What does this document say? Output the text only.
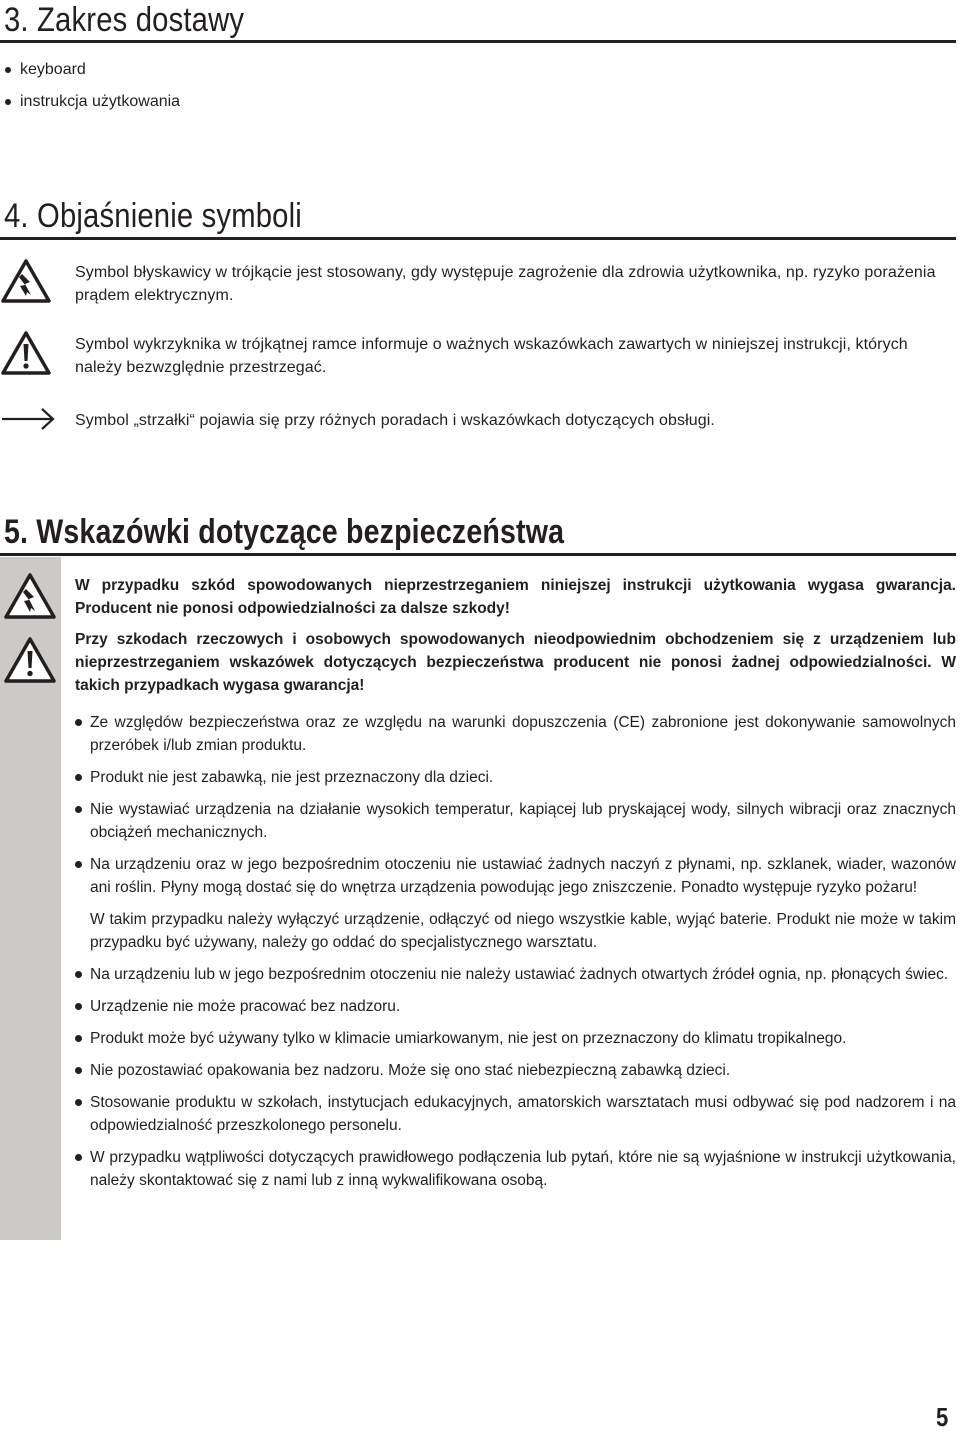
3. Zakres dostawy
keyboard
instrukcja użytkowania
4. Objaśnienie symboli

Symbol błyskawicy w trójkącie jest stosowany, gdy występuje zagrożenie dla zdrowia użytkownika, np. ryzyko porażenia prądem elektrycznym.

Symbol wykrzyknika w trójkątnej ramce informuje o ważnych wskazówkach zawartych w niniejszej instrukcji, których należy bezwzględnie przestrzegać.

Symbol „strzałki“ pojawia się przy różnych poradach i wskazówkach dotyczących obsługi.

5. Wskazówki dotyczące bezpieczeństwa

W przypadku szkód spowodowanych nieprzestrzeganiem niniejszej instrukcji użytkowania wygasa gwarancja. Producent nie ponosi odpowiedzialności za dalsze szkody!

Przy szkodach rzeczowych i osobowych spowodowanych nieodpowiednim obchodzeniem się z urządzeniem lub nieprzestrzeganiem wskazówek dotyczących bezpieczeństwa producent nie ponosi żadnej odpowiedzialności. W takich przypadkach wygasa gwarancja!

Ze względów bezpieczeństwa oraz ze względu na warunki dopuszczenia (CE) zabronione jest dokonywanie samowolnych przeróbek i/lub zmian produktu.
Produkt nie jest zabawką, nie jest przeznaczony dla dzieci.
Nie wystawiać urządzenia na działanie wysokich temperatur, kapiącej lub pryskającej wody, silnych wibracji oraz znacznych obciążeń mechanicznych.
Na urządzeniu oraz w jego bezpośrednim otoczeniu nie ustawiać żadnych naczyń z płynami, np. szklanek, wiader, wazonów ani roślin. Płyny mogą dostać się do wnętrza urządzenia powodując jego zniszczenie. Ponadto występuje ryzyko pożaru!
W takim przypadku należy wyłączyć urządzenie, odłączyć od niego wszystkie kable, wyjąć baterie. Produkt nie może w takim przypadku być używany, należy go oddać do specjalistycznego warsztatu.
Na urządzeniu lub w jego bezpośrednim otoczeniu nie należy ustawiać żadnych otwartych źródeł ognia, np. płonących świec.
Urządzenie nie może pracować bez nadzoru.
Produkt może być używany tylko w klimacie umiarkowanym, nie jest on przeznaczony do klimatu tropikalnego.
Nie pozostawiać opakowania bez nadzoru. Może się ono stać niebezpieczną zabawką dzieci.
Stosowanie produktu w szkołach, instytucjach edukacyjnych, amatorskich warsztatach musi odbywać się pod nadzorem i na odpowiedzialność przeszkolonego personelu.
W przypadku wątpliwości dotyczących prawidłowego podłączenia lub pytań, które nie są wyjaśnione w instrukcji użytkowania, należy skontaktować się z nami lub z inną wykwalifikowana osobą.
5
